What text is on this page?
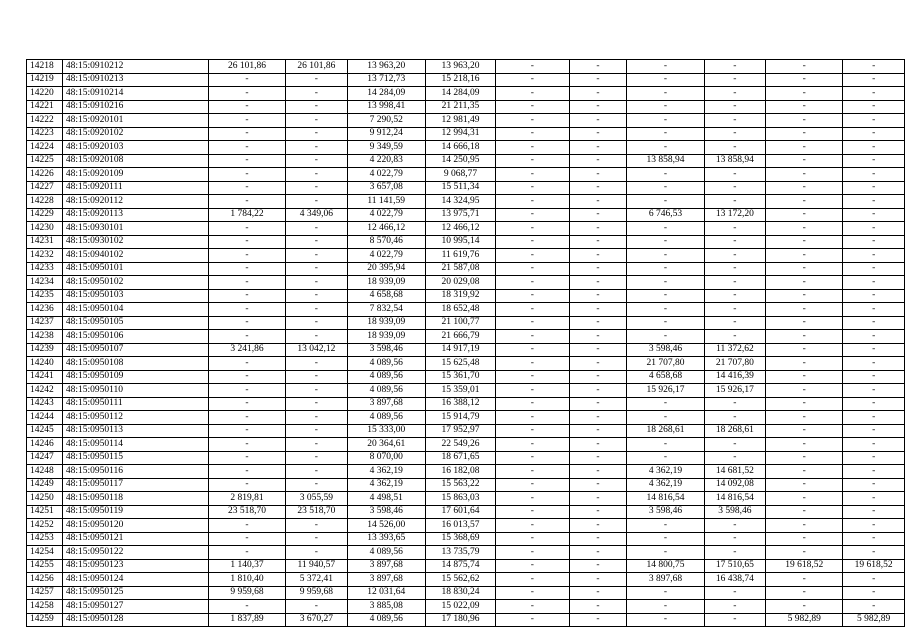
14218	48:15:0910212	26 101,86	26 101,86	13 963,20	13 963,20	-	-	-	-	-	-
14219	48:15:0910213	-	-	13 712,73	15 218,16	-	-	-	-	-	-
14220	48:15:0910214	-	-	14 284,09	14 284,09	-	-	-	-	-	-
14221	48:15:0910216	-	-	13 998,41	21 211,35	-	-	-	-	-	-
14222	48:15:0920101	-	-	7 290,52	12 981,49	-	-	-	-	-	-
14223	48:15:0920102	-	-	9 912,24	12 994,31	-	-	-	-	-	-
14224	48:15:0920103	-	-	9 349,59	14 666,18	-	-	-	-	-	-
14225	48:15:0920108	-	-	4 220,83	14 250,95	-	-	13 858,94	13 858,94	-	-
14226	48:15:0920109	-	-	4 022,79	9 068,77	-	-	-	-	-	-
14227	48:15:0920111	-	-	3 657,08	15 511,34	-	-	-	-	-	-
14228	48:15:0920112	-	-	11 141,59	14 324,95	-	-	-	-	-	-
14229	48:15:0920113	1 784,22	4 349,06	4 022,79	13 975,71	-	-	6 746,53	13 172,20	-	-
14230	48:15:0930101	-	-	12 466,12	12 466,12	-	-	-	-	-	-
14231	48:15:0930102	-	-	8 570,46	10 995,14	-	-	-	-	-	-
14232	48:15:0940102	-	-	4 022,79	11 619,76	-	-	-	-	-	-
14233	48:15:0950101	-	-	20 395,94	21 587,08	-	-	-	-	-	-
14234	48:15:0950102	-	-	18 939,09	20 029,08	-	-	-	-	-	-
14235	48:15:0950103	-	-	4 658,68	18 319,92	-	-	-	-	-	-
14236	48:15:0950104	-	-	7 832,54	18 652,48	-	-	-	-	-	-
14237	48:15:0950105	-	-	18 939,09	21 100,77	-	-	-	-	-	-
14238	48:15:0950106	-	-	18 939,09	21 666,79	-	-	-	-	-	-
14239	48:15:0950107	3 241,86	13 042,12	3 598,46	14 917,19	-	-	3 598,46	11 372,62	-	-
14240	48:15:0950108	-	-	4 089,56	15 625,48	-	-	21 707,80	21 707,80	-	-
14241	48:15:0950109	-	-	4 089,56	15 361,70	-	-	4 658,68	14 416,39	-	-
14242	48:15:0950110	-	-	4 089,56	15 359,01	-	-	15 926,17	15 926,17	-	-
14243	48:15:0950111	-	-	3 897,68	16 388,12	-	-	-	-	-	-
14244	48:15:0950112	-	-	4 089,56	15 914,79	-	-	-	-	-	-
14245	48:15:0950113	-	-	15 333,00	17 952,97	-	-	18 268,61	18 268,61	-	-
14246	48:15:0950114	-	-	20 364,61	22 549,26	-	-	-	-	-	-
14247	48:15:0950115	-	-	8 070,00	18 671,65	-	-	-	-	-	-
14248	48:15:0950116	-	-	4 362,19	16 182,08	-	-	4 362,19	14 681,52	-	-
14249	48:15:0950117	-	-	4 362,19	15 563,22	-	-	4 362,19	14 092,08	-	-
14250	48:15:0950118	2 819,81	3 055,59	4 498,51	15 863,03	-	-	14 816,54	14 816,54	-	-
14251	48:15:0950119	23 518,70	23 518,70	3 598,46	17 601,64	-	-	3 598,46	3 598,46	-	-
14252	48:15:0950120	-	-	14 526,00	16 013,57	-	-	-	-	-	-
14253	48:15:0950121	-	-	13 393,65	15 368,69	-	-	-	-	-	-
14254	48:15:0950122	-	-	4 089,56	13 735,79	-	-	-	-	-	-
14255	48:15:0950123	1 140,37	11 940,57	3 897,68	14 875,74	-	-	14 800,75	17 510,65	19 618,52	19 618,52
14256	48:15:0950124	1 810,40	5 372,41	3 897,68	15 562,62	-	-	3 897,68	16 438,74	-	-
14257	48:15:0950125	9 959,68	9 959,68	12 031,64	18 830,24	-	-	-	-	-	-
14258	48:15:0950127	-	-	3 885,08	15 022,09	-	-	-	-	-	-
14259	48:15:0950128	1 837,89	3 670,27	4 089,56	17 180,96	-	-	-	-	5 982,89	5 982,89
